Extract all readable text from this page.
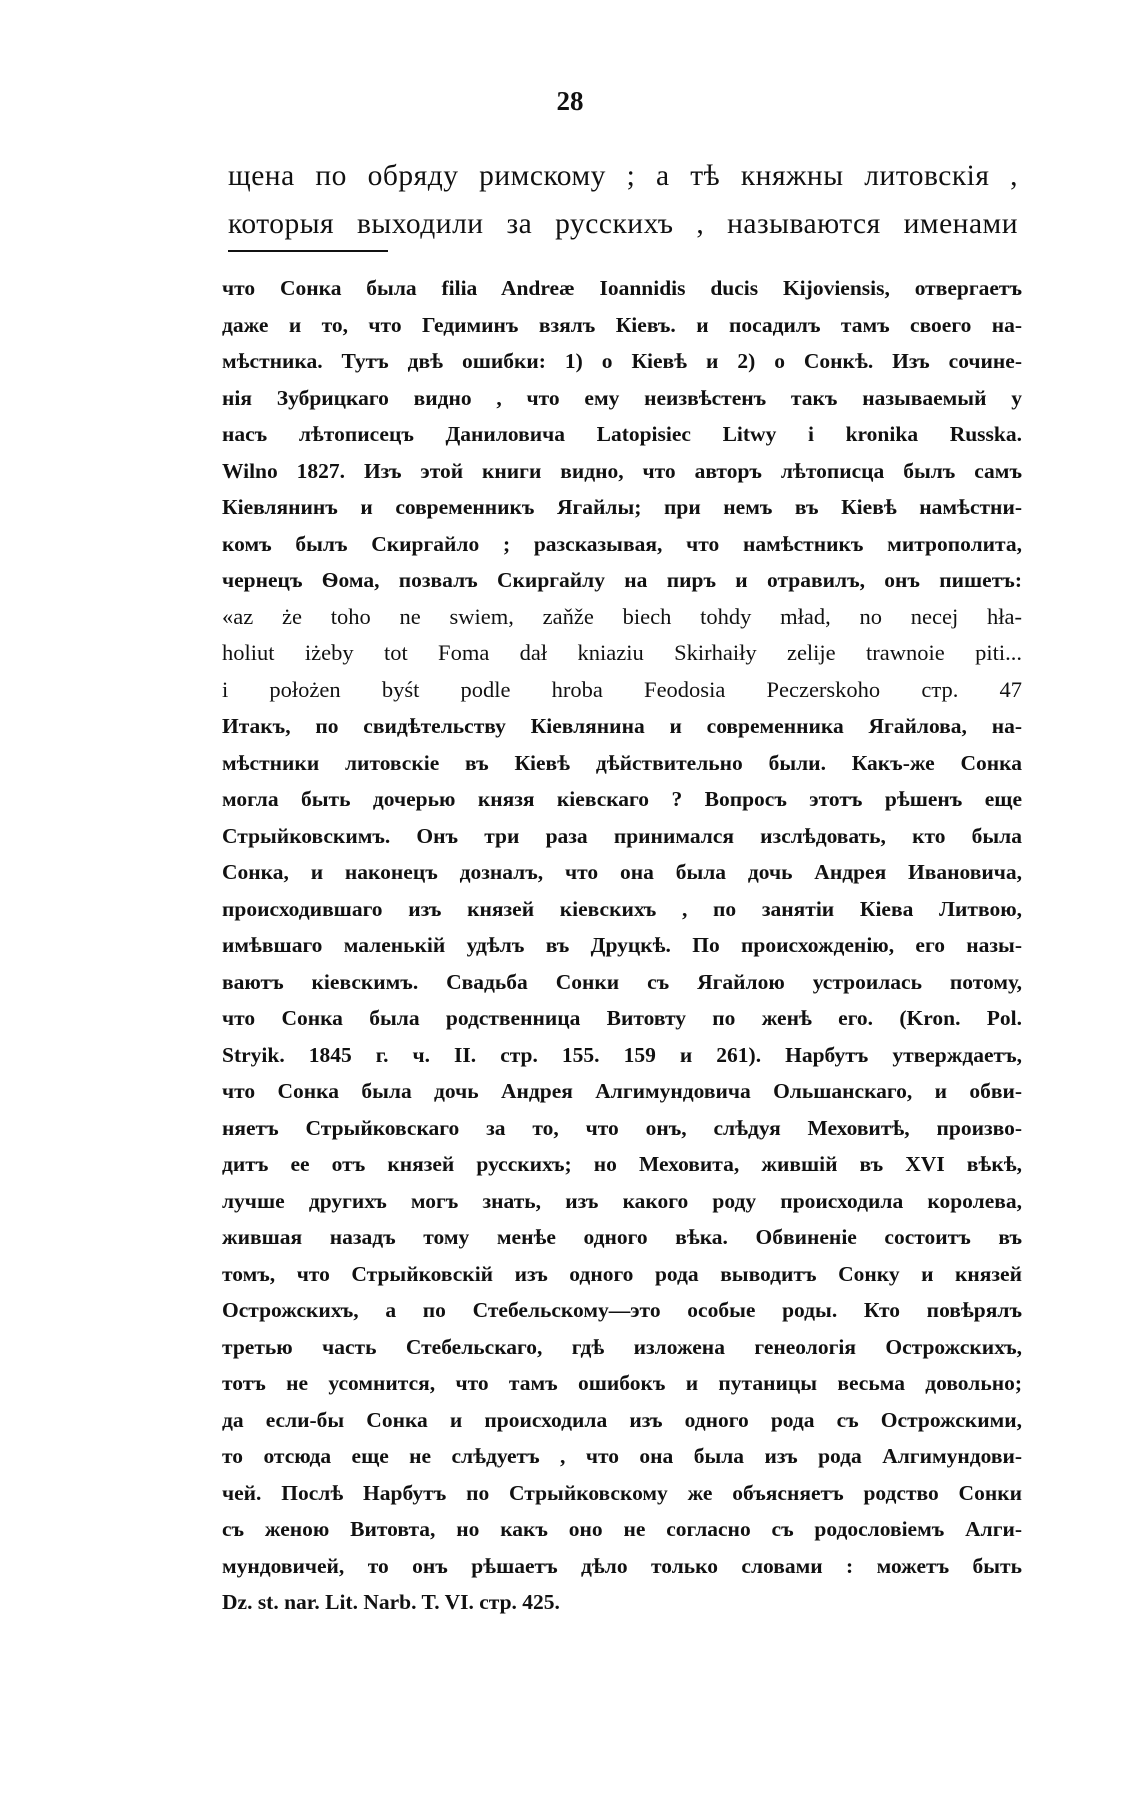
28
щена по обряду римскому ; а тѣ княжны литовскія ,
которыя выходили за русскихъ , называются именами
что Сонка была filia Andreæ Ioannidis ducis Kijoviensis, отвергаетъ
даже и то, что Гедиминъ взялъ Кіевъ. и посадилъ тамъ своего на-
мѣстника. Тутъ двѣ ошибки: 1) о Кіевѣ и 2) о Сонкѣ. Изъ сочине-
нія Зубрицкаго видно , что ему неизвѣстенъ такъ называемый у
насъ лѣтописецъ Даниловича Latopisiec Litwy i kronika Russka.
Wilno 1827. Изъ этой книги видно, что авторъ лѣтописца былъ самъ
Кіевлянинъ и современникъ Ягайлы; при немъ въ Кіевѣ намѣстни-
комъ былъ Скиргайло ; разсказывая, что намѣстникъ митрополита,
чернецъ Ѳома, позвалъ Скиргайлу на пиръ и отравилъ, онъ пишетъ:
«az że toho ne swiem, zaňže biech tohdy mład, no necej hła-
holiut iżeby tot Foma dał kniaziu Skirhaiły zelije trawnoie piti...
i położen byśt podle hroba Feodosia Peczerskoho стр. 47
Итакъ, по свидѣтельству Кіевлянина и современника Ягайлова, на-
мѣстники литовскіе въ Кіевѣ дѣйствительно были. Какъ-же Сонка
могла быть дочерью князя кіевскаго ? Вопросъ этотъ рѣшенъ еще
Стрыйковскимъ. Онъ три раза принимался изслѣдовать, кто была
Сонка, и наконецъ дозналъ, что она была дочь Андрея Ивановича,
происходившаго изъ князей кіевскихъ , по занятіи Кіева Литвою,
имѣвшаго маленькій удѣлъ въ Друцкѣ. По происхожденію, его назы-
ваютъ кіевскимъ. Свадьба Сонки съ Ягайлою устроилась потому,
что Сонка была родственница Витовту по женѣ его. (Kron. Pol.
Stryik. 1845 г. ч. II. стр. 155. 159 и 261). Нарбутъ утверждаетъ,
что Сонка была дочь Андрея Алгимундовича Ольшанскаго, и обви-
няетъ Стрыйковскаго за то, что онъ, слѣдуя Меховитѣ, произво-
дитъ ее отъ князей русскихъ; но Меховита, жившій въ XVI вѣкѣ,
лучше другихъ могъ знать, изъ какого роду происходила королева,
жившая назадъ тому менѣе одного вѣка. Обвиненіе состоитъ въ
томъ, что Стрыйковскій изъ одного рода выводитъ Сонку и князей
Острожскихъ, а по Стебельскому—это особые роды. Кто повѣрялъ
третью часть Стебельскаго, гдѣ изложена генеологія Острожскихъ,
тотъ не усомнится, что тамъ ошибокъ и путаницы весьма довольно;
да если-бы Сонка и происходила изъ одного рода съ Острожскими,
то отсюда еще не слѣдуетъ , что она была изъ рода Алгимундови-
чей. Послѣ Нарбутъ по Стрыйковскому же объясняетъ родство Сонки
съ женою Витовта, но какъ оно не согласно съ родословіемъ Алги-
мундовичей, то онъ рѣшаетъ дѣло только словами : можетъ быть
Dz. st. nar. Lit. Narb. T. VI. стр. 425.
